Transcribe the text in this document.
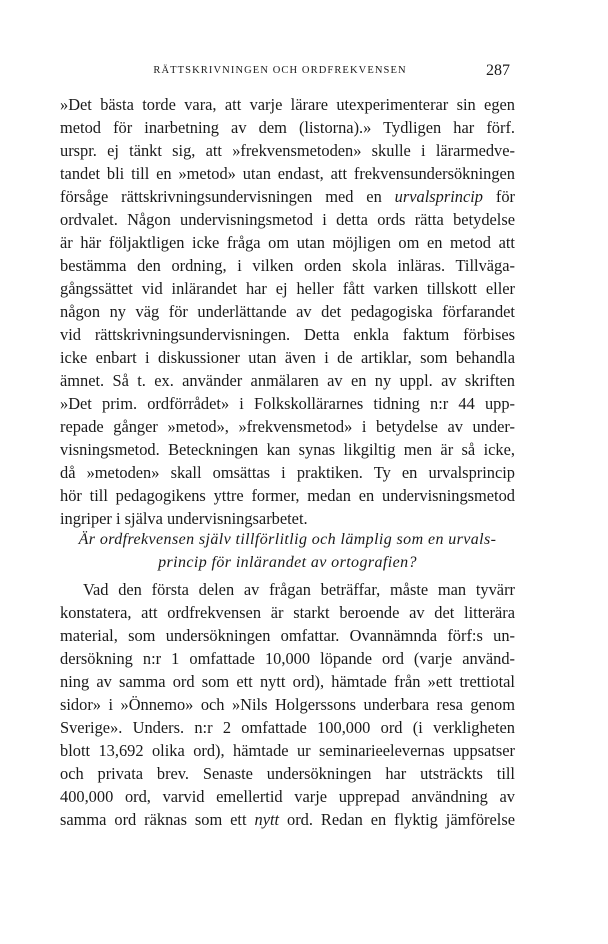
RÄTTSKRIVNINGEN OCH ORDFREKVENSEN	287
»Det bästa torde vara, att varje lärare utexperimenterar sin egen
metod för inarbetning av dem (listorna).» Tydligen har förf.
urspr. ej tänkt sig, att »frekvensmetoden» skulle i lärarmedve-
tandet bli till en »metod» utan endast, att frekvensundersökningen
försåge rättskrivningsundervisningen med en urvalsprincip för
ordvalet. Någon undervisningsmetod i detta ords rätta betydelse
är här följaktligen icke fråga om utan möjligen om en metod att
bestämma den ordning, i vilken orden skola inläras. Tillväga-
gångssättet vid inlärandet har ej heller fått varken tillskott eller
någon ny väg för underlättande av det pedagogiska förfarandet
vid rättskrivningsundervisningen. Detta enkla faktum förbises
icke enbart i diskussioner utan även i de artiklar, som behandla
ämnet. Så t. ex. använder anmälaren av en ny uppl. av skriften
»Det prim. ordförrådet» i Folkskollärarnes tidning n:r 44 upp-
repade gånger »metod», »frekvensmetod» i betydelse av under-
visningsmetod. Beteckningen kan synas likgiltig men är så icke,
då »metoden» skall omsättas i praktiken. Ty en urvalsprincip
hör till pedagogikens yttre former, medan en undervisningsmetod
ingriper i själva undervisningsarbetet.
Är ordfrekvensen själv tillförlitlig och lämplig som en urvals-
princip för inlärandet av ortografien?
Vad den första delen av frågan beträffar, måste man tyvärr
konstatera, att ordfrekvensen är starkt beroende av det litterära
material, som undersökningen omfattar. Ovannämnda förf:s un-
dersökning n:r 1 omfattade 10,000 löpande ord (varje använd-
ning av samma ord som ett nytt ord), hämtade från »ett trettiotal
sidor» i »Önnemo» och »Nils Holgerssons underbara resa genom
Sverige». Unders. n:r 2 omfattade 100,000 ord (i verkligheten
blott 13,692 olika ord), hämtade ur seminarieelevernas uppsatser
och privata brev. Senaste undersökningen har utsträckts till
400,000 ord, varvid emellertid varje upprepad användning av
samma ord räknas som ett nytt ord. Redan en flyktig jämförelse
